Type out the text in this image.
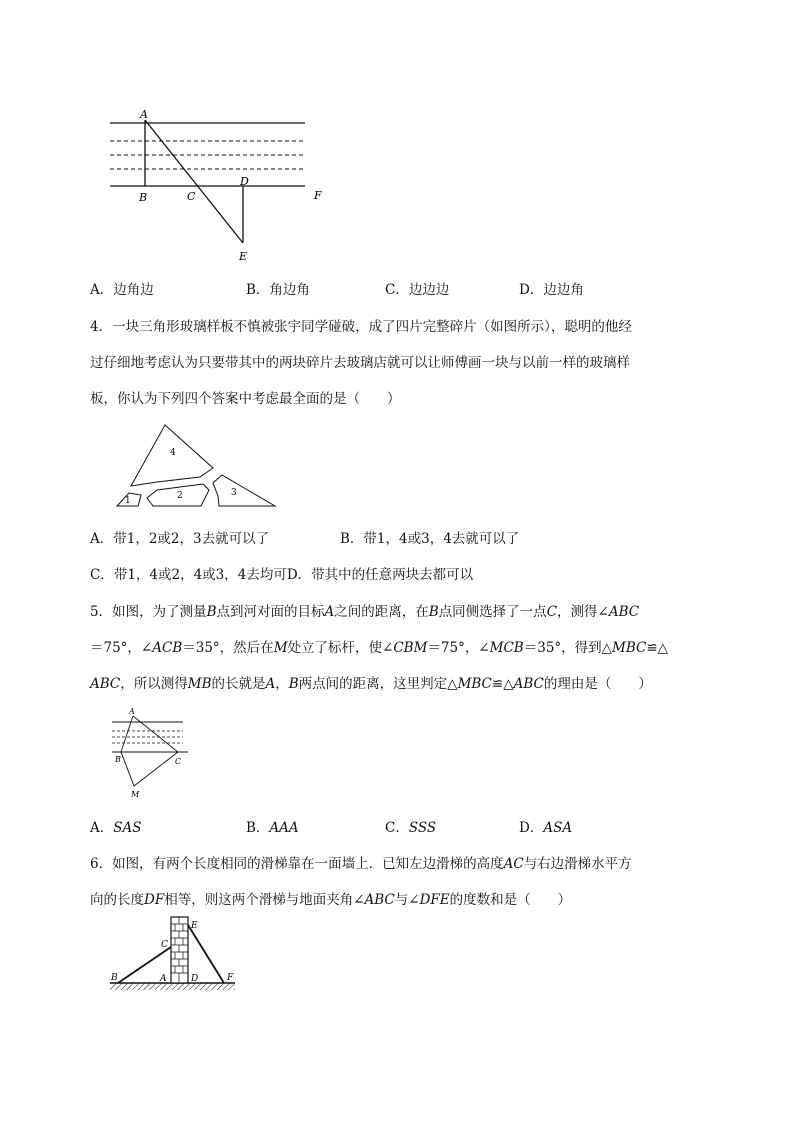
A
B	C
D
E
F
A．边角边	B．角边角	C．边边边	D．边边角
4．一块三角形玻璃样板不慎被张宇同学碰破，成了四片完整碎片（如图所示），聪明的他经
过仔细地考虑认为只要带其中的两块碎片去玻璃店就可以让师傅画一块与以前一样的玻璃样
板，你认为下列四个答案中考虑最全面的是（　　）
1	2	3
4
A．带1，2或2，3去就可以了	B．带1，4或3，4去就可以了
C．带1，4或2，4或3，4去均可D．带其中的任意两块去都可以
5．如图，为了测量B点到河对面的目标A之间的距离，在B点同侧选择了一点C，测得∠ABC
＝75°，∠ACB＝35°，然后在M处立了标杆，使∠CBM＝75°，∠MCB＝35°，得到△MBC≌△
ABC，所以测得MB的长就是A，B两点间的距离，这里判定△MBC≌△ABC的理由是（　　）
A
B	C
M
A．SAS	B．AAA	C．SSS	D．ASA
6．如图，有两个长度相同的滑梯靠在一面墙上．已知左边滑梯的高度AC与右边滑梯水平方
向的长度DF相等，则这两个滑梯与地面夹角∠ABC与∠DFE的度数和是（　　）
B	A
C
D
E
F
